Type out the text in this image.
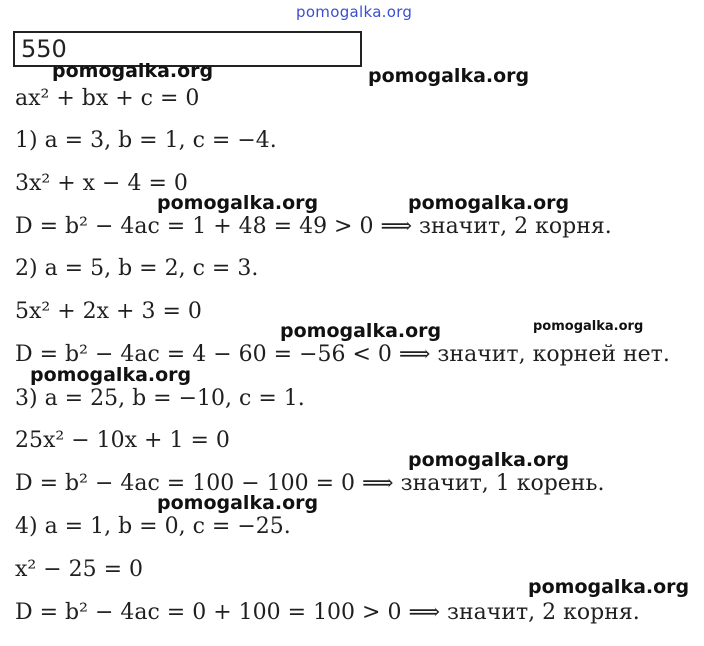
550
ax² + bx + c = 0
1) a = 3, b = 1, c = −4.
3x² + x − 4 = 0
D = b² − 4ac = 1 + 48 = 49 > 0 ⟹ значит, 2 корня.
2) a = 5, b = 2, c = 3.
5x² + 2x + 3 = 0
D = b² − 4ac = 4 − 60 = −56 < 0 ⟹ значит, корней нет.
3) a = 25, b = −10, c = 1.
25x² − 10x + 1 = 0
D = b² − 4ac = 100 − 100 = 0 ⟹ значит, 1 корень.
4) a = 1, b = 0, c = −25.
x² − 25 = 0
D = b² − 4ac = 0 + 100 = 100 > 0 ⟹ значит, 2 корня.
pomogalka.org
pomogalka.org	pomogalka.org
pomogalka.org	pomogalka.org
pomogalka.org	pomogalka.org
pomogalka.org
pomogalka.org
pomogalka.org
pomogalka.org
